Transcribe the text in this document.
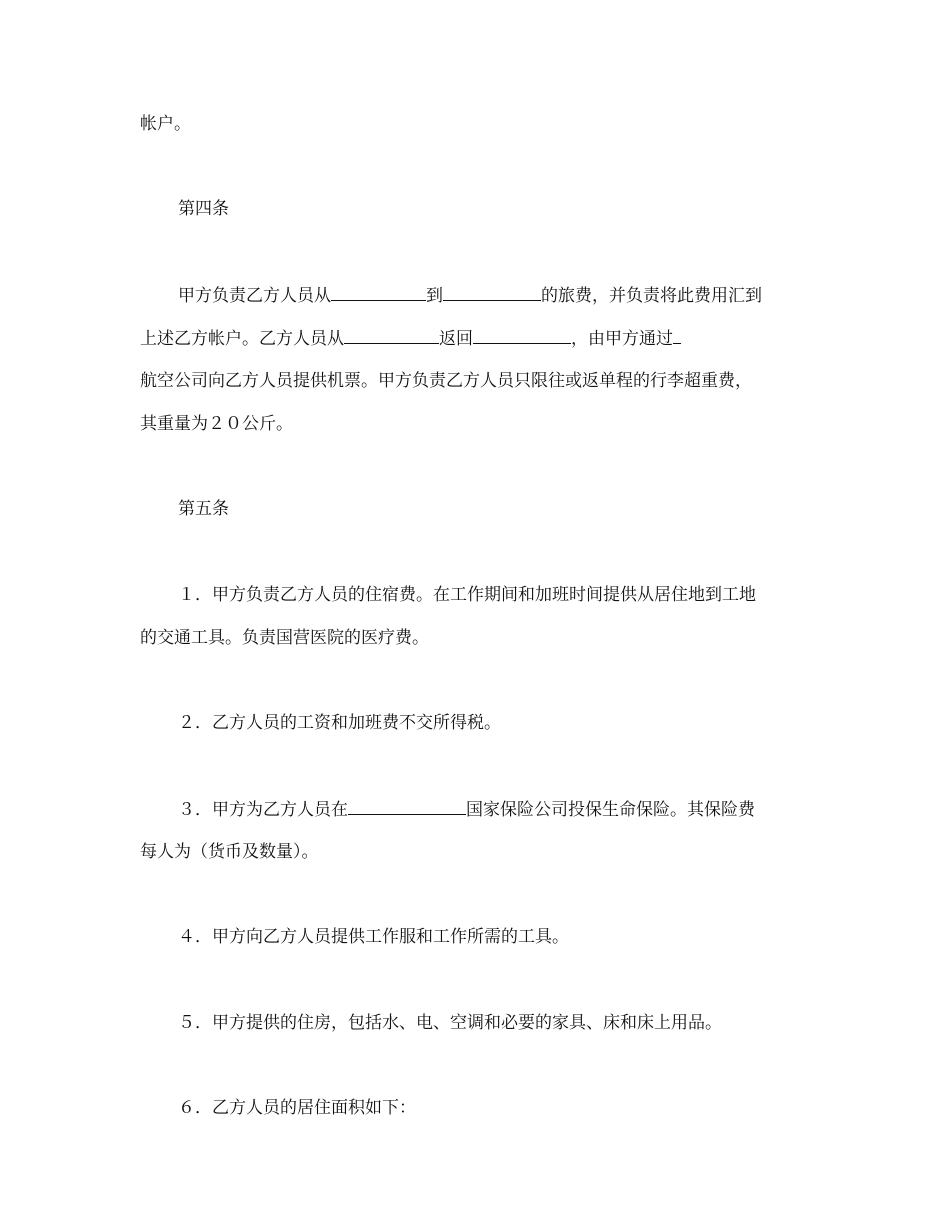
帐户。
第四条
甲方负责乙方人员从	到	的旅费，并负责将此费用汇到
上述乙方帐户。乙方人员从	返回	，由甲方通过
航空公司向乙方人员提供机票。甲方负责乙方人员只限往或返单程的行李超重费，
其重量为２０公斤。
第五条
１．甲方负责乙方人员的住宿费。在工作期间和加班时间提供从居住地到工地
的交通工具。负责国营医院的医疗费。
２．乙方人员的工资和加班费不交所得税。
３．甲方为乙方人员在	国家保险公司投保生命保险。其保险费
每人为（货币及数量）。
４．甲方向乙方人员提供工作服和工作所需的工具。
５．甲方提供的住房，包括水、电、空调和必要的家具、床和床上用品。
６．乙方人员的居住面积如下：
